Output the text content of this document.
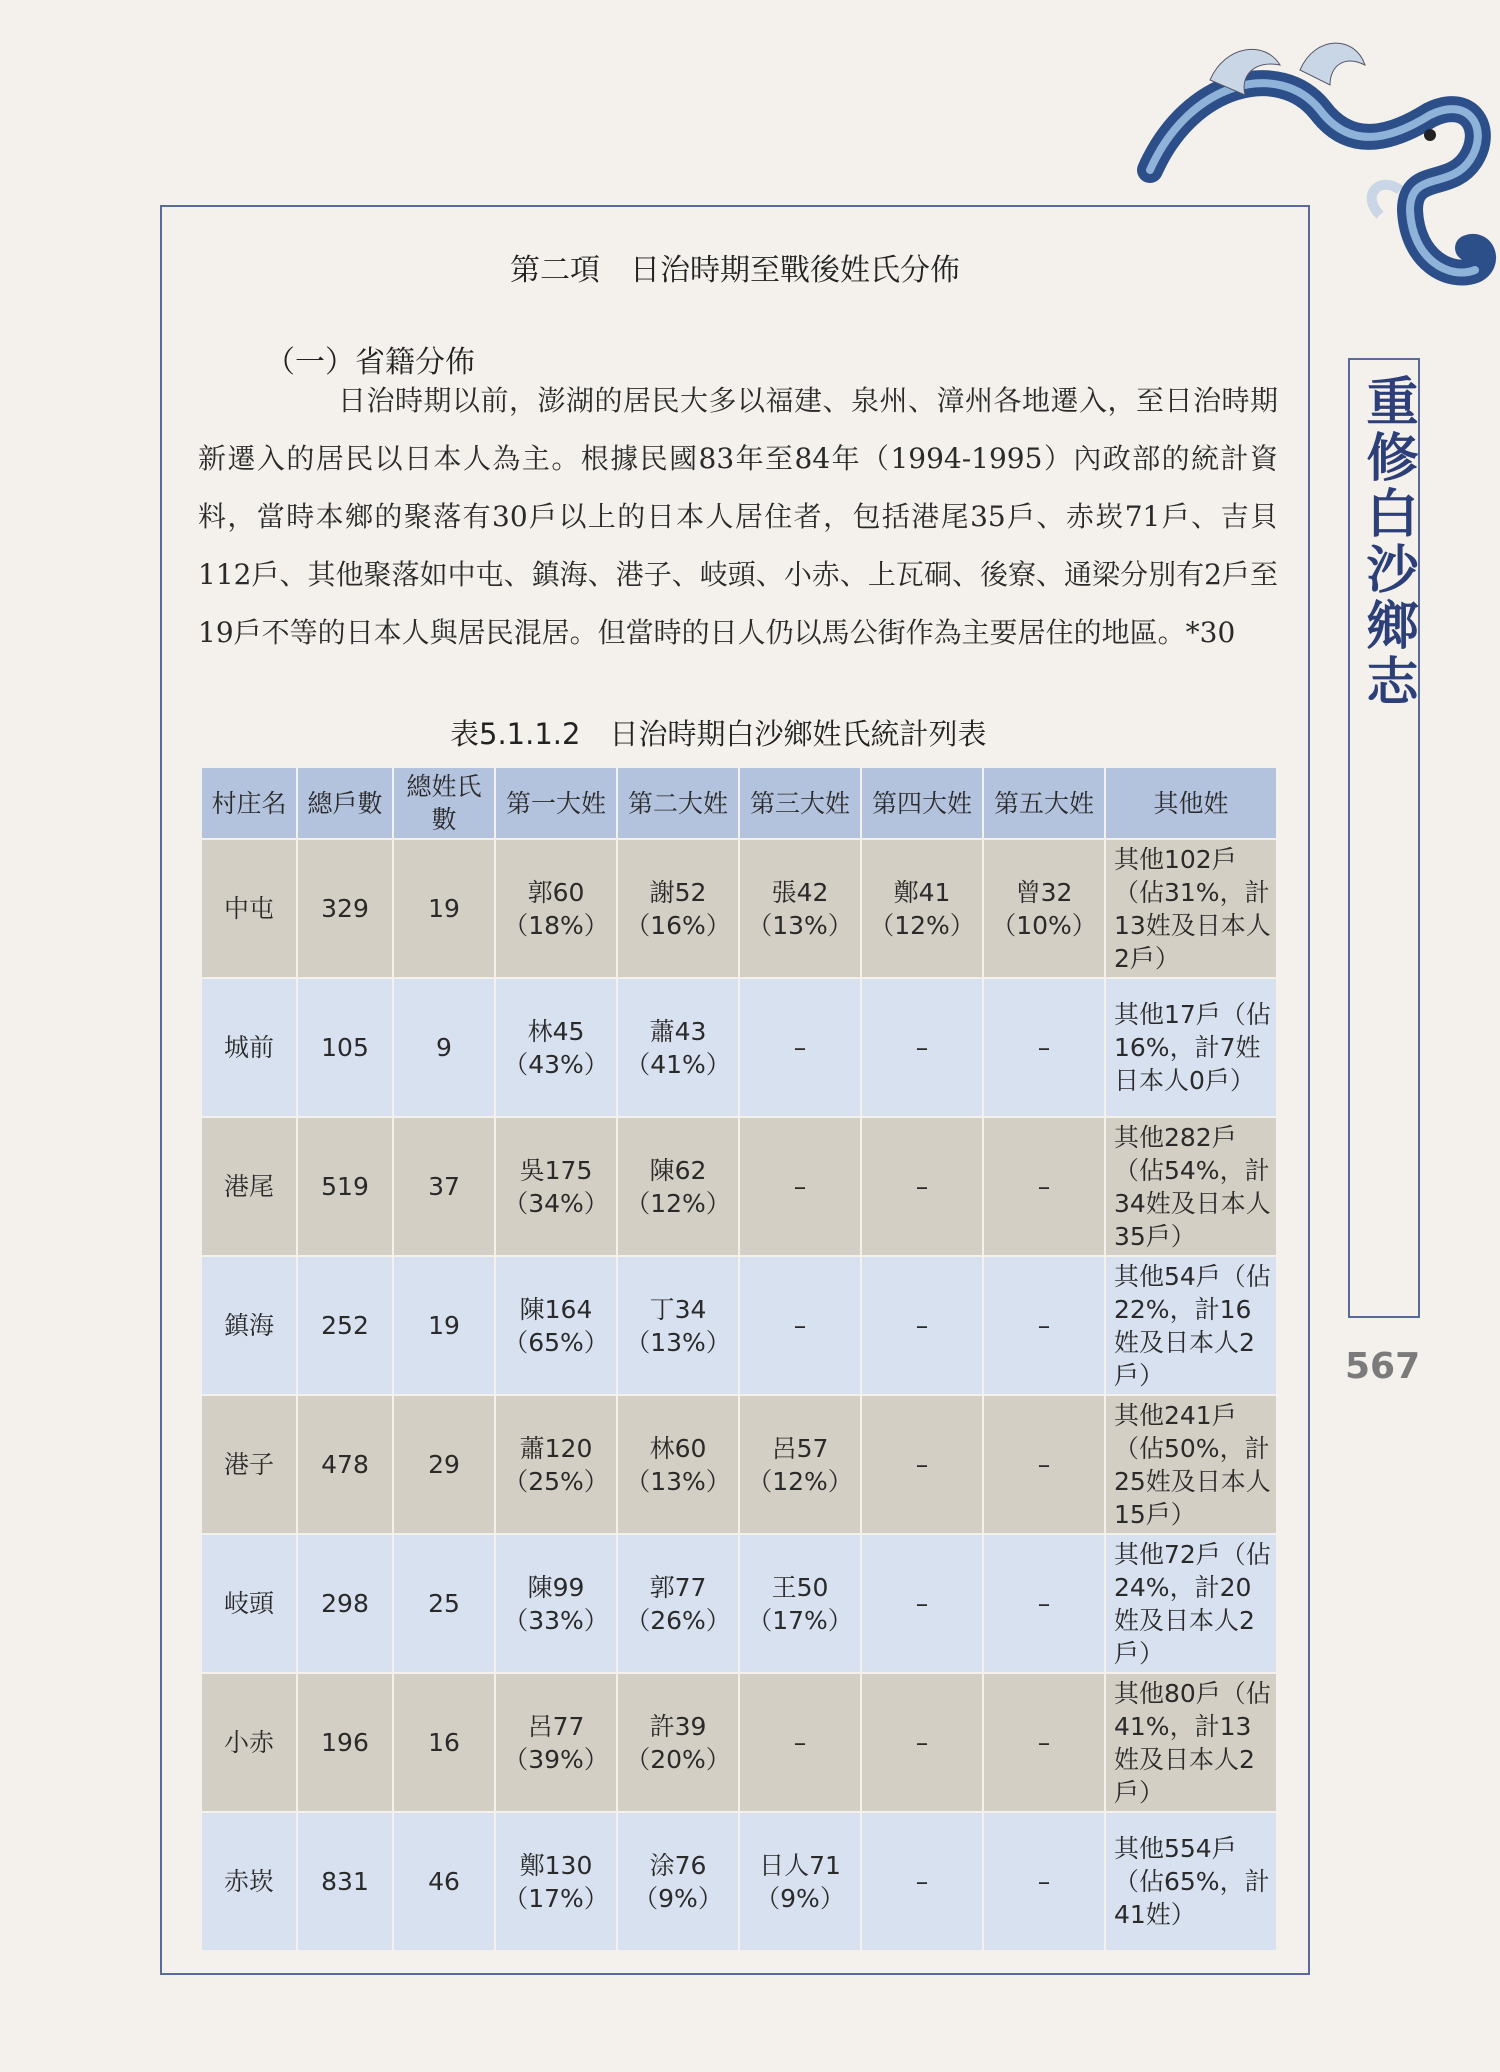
重修白沙鄉志
567
第二項　日治時期至戰後姓氏分佈
（一）省籍分佈

日治時期以前，澎湖的居民大多以福建、泉州、漳州各地遷入，至日治時期新遷入的居民以日本人為主。根據民國83年至84年（1994-1995）內政部的統計資料，當時本鄉的聚落有30戶以上的日本人居住者，包括港尾35戶、赤崁71戶、吉貝112戶、其他聚落如中屯、鎮海、港子、岐頭、小赤、上瓦硐、後寮、通梁分別有2戶至19戶不等的日本人與居民混居。但當時的日人仍以馬公街作為主要居住的地區。*30

表5.1.1.2　日治時期白沙鄉姓氏統計列表
村庄名	總戶數	總姓氏數	第一大姓	第二大姓	第三大姓	第四大姓	第五大姓	其他姓
中屯	329	19	郭60（18%）	謝52（16%）	張42（13%）	鄭41（12%）	曾32（10%）	其他102戶（佔31%，計13姓及日本人2戶）
城前	105	9	林45（43%）	蕭43（41%）	–	–	–	其他17戶（佔16%，計7姓日本人0戶）
港尾	519	37	吳175（34%）	陳62（12%）	–	–	–	其他282戶（佔54%，計34姓及日本人35戶）
鎮海	252	19	陳164（65%）	丁34（13%）	–	–	–	其他54戶（佔22%，計16姓及日本人2戶）
港子	478	29	蕭120（25%）	林60（13%）	呂57（12%）	–	–	其他241戶（佔50%，計25姓及日本人15戶）
岐頭	298	25	陳99（33%）	郭77（26%）	王50（17%）	–	–	其他72戶（佔24%，計20姓及日本人2戶）
小赤	196	16	呂77（39%）	許39（20%）	–	–	–	其他80戶（佔41%，計13姓及日本人2戶）
赤崁	831	46	鄭130（17%）	涂76（9%）	日人71（9%）	–	–	其他554戶（佔65%，計41姓）
